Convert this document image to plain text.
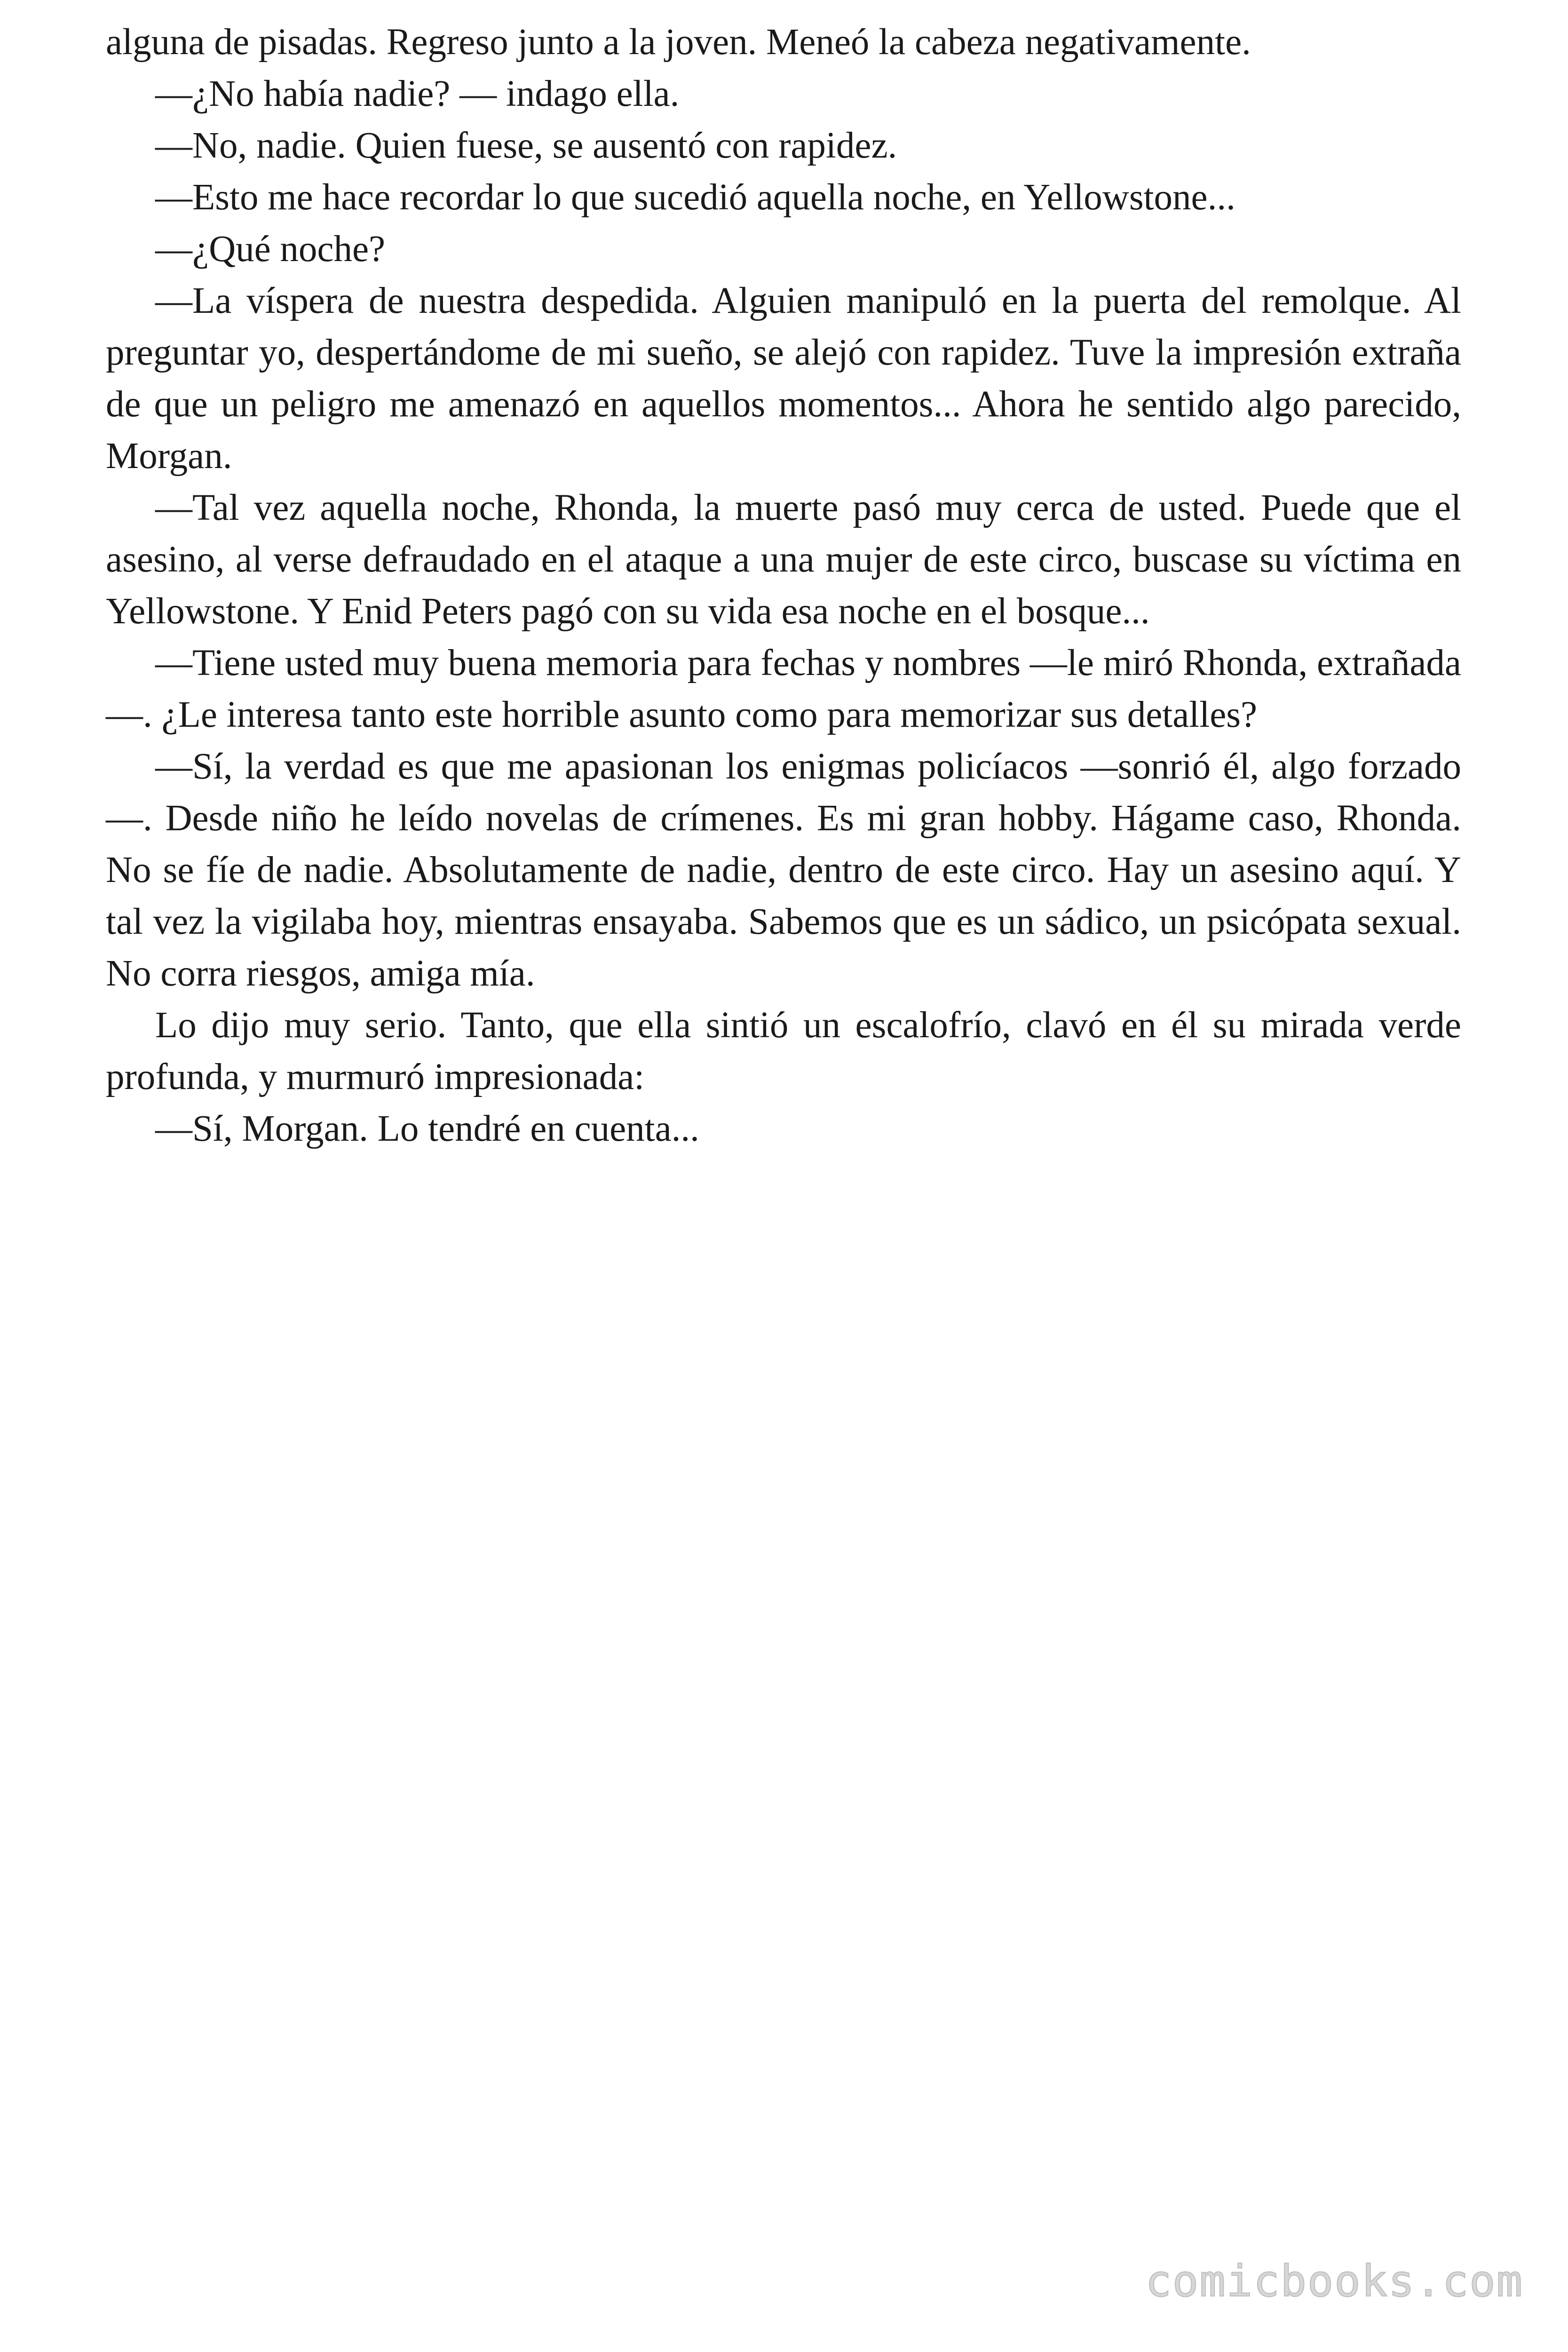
alguna de pisadas. Regreso junto a la joven. Meneó la cabeza negativamente.

—¿No había nadie? — indago ella.

—No, nadie. Quien fuese, se ausentó con rapidez.

—Esto me hace recordar lo que sucedió aquella noche, en Yellowstone...

—¿Qué noche?

—La víspera de nuestra despedida. Alguien manipuló en la puerta del remolque. Al preguntar yo, despertándome de mi sueño, se alejó con rapidez. Tuve la impresión extraña de que un peligro me amenazó en aquellos momentos... Ahora he sentido algo parecido, Morgan.

—Tal vez aquella noche, Rhonda, la muerte pasó muy cerca de usted. Puede que el asesino, al verse defraudado en el ataque a una mujer de este circo, buscase su víctima en Yellowstone. Y Enid Peters pagó con su vida esa noche en el bosque...

—Tiene usted muy buena memoria para fechas y nombres —le miró Rhonda, extrañada—. ¿Le interesa tanto este horrible asunto como para memorizar sus detalles?

—Sí, la verdad es que me apasionan los enigmas policíacos —sonrió él, algo forzado—. Desde niño he leído novelas de crímenes. Es mi gran hobby. Hágame caso, Rhonda. No se fíe de nadie. Absolutamente de nadie, dentro de este circo. Hay un asesino aquí. Y tal vez la vigilaba hoy, mientras ensayaba. Sabemos que es un sádico, un psicópata sexual. No corra riesgos, amiga mía.

Lo dijo muy serio. Tanto, que ella sintió un escalofrío, clavó en él su mirada verde profunda, y murmuró impresionada:

—Sí, Morgan. Lo tendré en cuenta...

comicbooks.com
